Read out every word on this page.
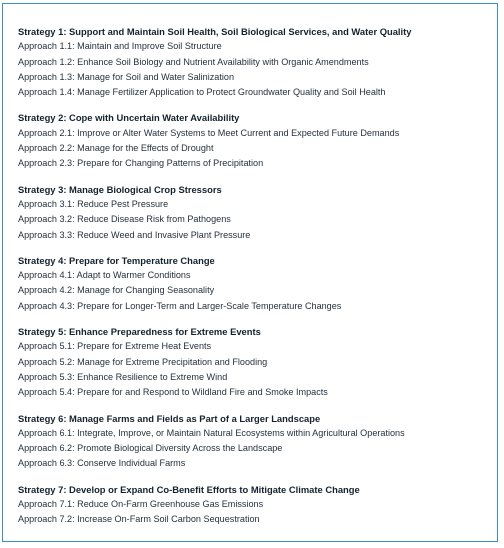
Strategy 1: Support and Maintain Soil Health, Soil Biological Services, and Water Quality
Approach 1.1: Maintain and Improve Soil Structure
Approach 1.2: Enhance Soil Biology and Nutrient Availability with Organic Amendments
Approach 1.3: Manage for Soil and Water Salinization
Approach 1.4: Manage Fertilizer Application to Protect Groundwater Quality and Soil Health
Strategy 2: Cope with Uncertain Water Availability
Approach 2.1: Improve or Alter Water Systems to Meet Current and Expected Future Demands
Approach 2.2: Manage for the Effects of Drought
Approach 2.3: Prepare for Changing Patterns of Precipitation
Strategy 3: Manage Biological Crop Stressors
Approach 3.1: Reduce Pest Pressure
Approach 3.2: Reduce Disease Risk from Pathogens
Approach 3.3: Reduce Weed and Invasive Plant Pressure
Strategy 4: Prepare for Temperature Change
Approach 4.1: Adapt to Warmer Conditions
Approach 4.2: Manage for Changing Seasonality
Approach 4.3: Prepare for Longer-Term and Larger-Scale Temperature Changes
Strategy 5: Enhance Preparedness for Extreme Events
Approach 5.1: Prepare for Extreme Heat Events
Approach 5.2: Manage for Extreme Precipitation and Flooding
Approach 5.3: Enhance Resilience to Extreme Wind
Approach 5.4: Prepare for and Respond to Wildland Fire and Smoke Impacts
Strategy 6: Manage Farms and Fields as Part of a Larger Landscape
Approach 6.1: Integrate, Improve, or Maintain Natural Ecosystems within Agricultural Operations
Approach 6.2: Promote Biological Diversity Across the Landscape
Approach 6.3: Conserve Individual Farms
Strategy 7: Develop or Expand Co-Benefit Efforts to Mitigate Climate Change
Approach 7.1: Reduce On-Farm Greenhouse Gas Emissions
Approach 7.2: Increase On-Farm Soil Carbon Sequestration
